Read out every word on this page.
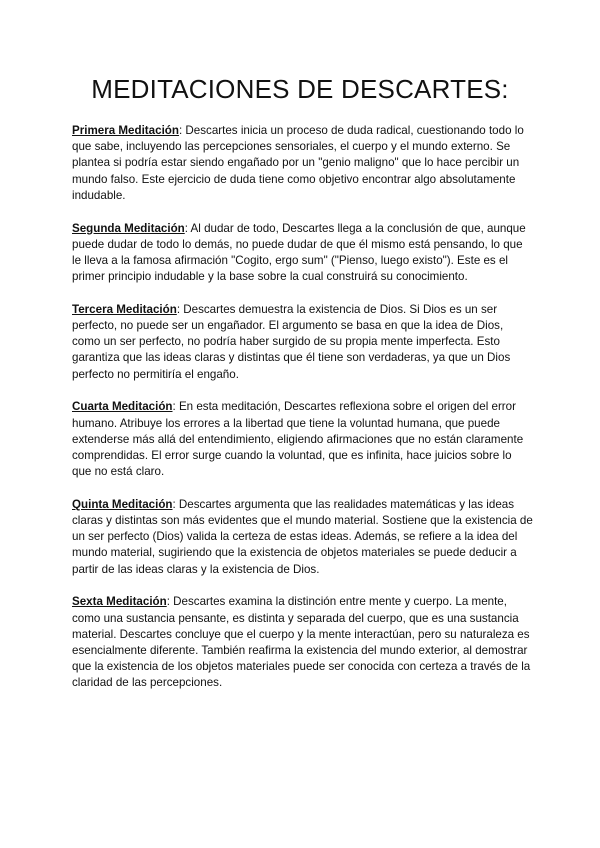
MEDITACIONES DE DESCARTES:

Primera Meditación: Descartes inicia un proceso de duda radical, cuestionando todo lo que sabe, incluyendo las percepciones sensoriales, el cuerpo y el mundo externo. Se plantea si podría estar siendo engañado por un "genio maligno" que lo hace percibir un mundo falso. Este ejercicio de duda tiene como objetivo encontrar algo absolutamente indudable.

Segunda Meditación: Al dudar de todo, Descartes llega a la conclusión de que, aunque puede dudar de todo lo demás, no puede dudar de que él mismo está pensando, lo que le lleva a la famosa afirmación "Cogito, ergo sum" ("Pienso, luego existo"). Este es el primer principio indudable y la base sobre la cual construirá su conocimiento.

Tercera Meditación: Descartes demuestra la existencia de Dios. Si Dios es un ser perfecto, no puede ser un engañador. El argumento se basa en que la idea de Dios, como un ser perfecto, no podría haber surgido de su propia mente imperfecta. Esto garantiza que las ideas claras y distintas que él tiene son verdaderas, ya que un Dios perfecto no permitiría el engaño.

Cuarta Meditación: En esta meditación, Descartes reflexiona sobre el origen del error humano. Atribuye los errores a la libertad que tiene la voluntad humana, que puede extenderse más allá del entendimiento, eligiendo afirmaciones que no están claramente comprendidas. El error surge cuando la voluntad, que es infinita, hace juicios sobre lo que no está claro.

Quinta Meditación: Descartes argumenta que las realidades matemáticas y las ideas claras y distintas son más evidentes que el mundo material. Sostiene que la existencia de un ser perfecto (Dios) valida la certeza de estas ideas. Además, se refiere a la idea del mundo material, sugiriendo que la existencia de objetos materiales se puede deducir a partir de las ideas claras y la existencia de Dios.

Sexta Meditación: Descartes examina la distinción entre mente y cuerpo. La mente, como una sustancia pensante, es distinta y separada del cuerpo, que es una sustancia material. Descartes concluye que el cuerpo y la mente interactúan, pero su naturaleza es esencialmente diferente. También reafirma la existencia del mundo exterior, al demostrar que la existencia de los objetos materiales puede ser conocida con certeza a través de la claridad de las percepciones.
